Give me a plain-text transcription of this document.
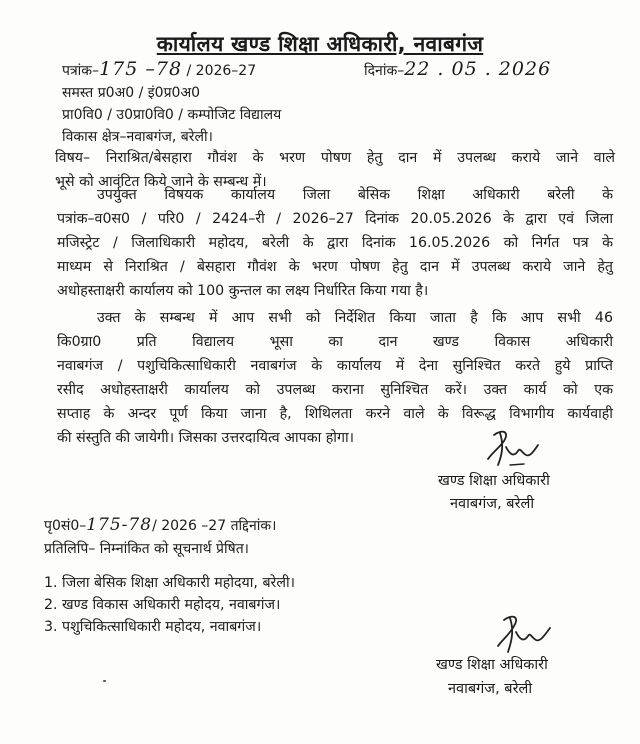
कार्यालय खण्ड शिक्षा अधिकारी, नवाबगंज
पत्रांक–175 –78 / 2026–27	दिनांक–22 . 05 . 2026
समस्त प्र0अ0 / इं0प्र0अ0
प्रा0वि0 / उ0प्रा0वि0 / कम्पोजिट विद्यालय
विकास क्षेत्र–नवाबगंज, बरेली।
विषय– निराश्रित/बेसहारा गौवंश के भरण पोषण हेतु दान में उपलब्ध कराये जाने वाले
भूसे को आवंटित किये जाने के सम्बन्ध में।
उपर्युक्त विषयक कार्यालय जिला बेसिक शिक्षा अधिकारी बरेली के
पत्रांक–व0स0 / परि0 / 2424–री / 2026–27 दिनांक 20.05.2026 के द्वारा एवं जिला
मजिस्ट्रेट / जिलाधिकारी महोदय, बरेली के द्वारा दिनांक 16.05.2026 को निर्गत पत्र के
माध्यम से निराश्रित / बेसहारा गौवंश के भरण पोषण हेतु दान में उपलब्ध कराये जाने हेतु
अधोहस्ताक्षरी कार्यालय को 100 कुन्तल का लक्ष्य निर्धारित किया गया है।
उक्त के सम्बन्ध में आप सभी को निर्देशित किया जाता है कि आप सभी 46
कि0ग्रा0 प्रति विद्यालय भूसा का दान खण्ड विकास अधिकारी
नवाबगंज / पशुचिकित्साधिकारी नवाबगंज के कार्यालय में देना सुनिश्चित करते हुये प्राप्ति
रसीद अधोहस्ताक्षरी कार्यालय को उपलब्ध कराना सुनिश्चित करें। उक्त कार्य को एक
सप्ताह के अन्दर पूर्ण किया जाना है, शिथिलता करने वाले के विरूद्ध विभागीय कार्यवाही
की संस्तुति की जायेगी। जिसका उत्तरदायित्व आपका होगा।
खण्ड शिक्षा अधिकारी
नवाबगंज, बरेली
पृ0सं0–175-78/ 2026 –27 तद्दिनांक।
प्रतिलिपि– निम्नांकित को सूचनार्थ प्रेषित।
1. जिला बेसिक शिक्षा अधिकारी महोदया, बरेली।
2. खण्ड विकास अधिकारी महोदय, नवाबगंज।
3. पशुचिकित्साधिकारी महोदय, नवाबगंज।
खण्ड शिक्षा अधिकारी
नवाबगंज, बरेली
